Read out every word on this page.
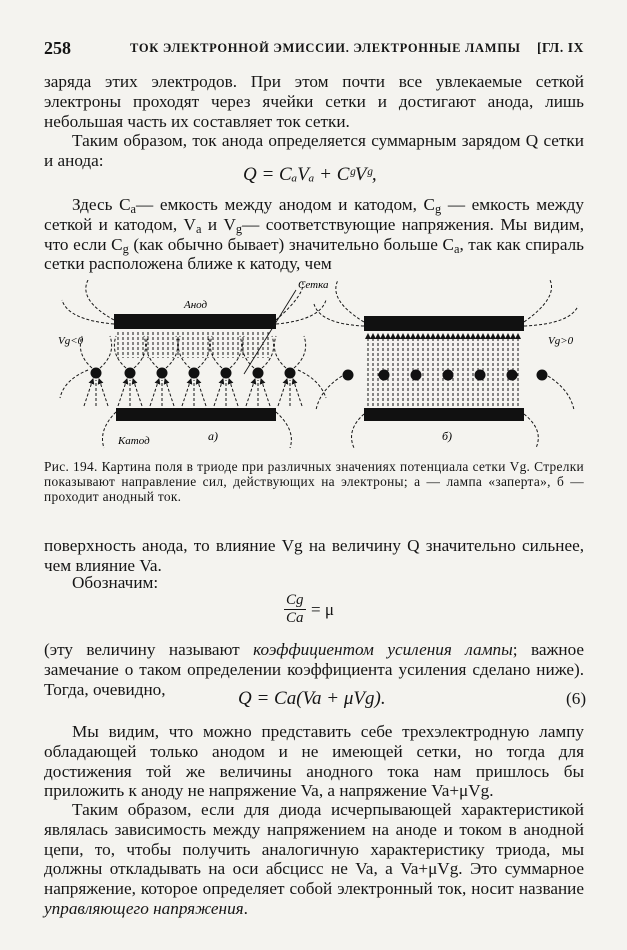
258	ТОК ЭЛЕКТРОННОЙ ЭМИССИИ. ЭЛЕКТРОННЫЕ ЛАМПЫ [ГЛ. IX

заряда этих электродов. При этом почти все увлекаемые сеткой электроны проходят через ячейки сетки и достигают анода, лишь небольшая часть их составляет ток сетки.

Таким образом, ток анода определяется суммарным зарядом Q сетки и анода:

Q = CₐVₐ + CᵍVᵍ,

Здесь $C_a—$ емкость между анодом и катодом, $C_g$ — емкость между сеткой и катодом, $V_a$ и $V_g—$ соответствующие напряжения. Мы видим, что если $C_g$ (как обычно бывает) значительно больше $C_a$, так как спираль сетки расположена ближе к катоду, чем

Анод
Сетка
Катод
Vg<0	Vg>0
а)	б)

Рис. 194. Картина поля в триоде при различных значениях потенциала сетки Vg. Стрелки показывают направление сил, действующих на электроны; а — лампа «заперта», б — проходит анодный ток.

поверхность анода, то влияние Vg на величину Q значительно сильнее, чем влияние Va.

Обозначим:

Cg
Ca = μ

(эту величину называют коэффициентом усиления лампы; важное замечание о таком определении коэффициента усиления сделано ниже). Тогда, очевидно,	Q = Ca(Va + μVg).	(6)

Мы видим, что можно представить себе трехэлектродную лампу обладающей только анодом и не имеющей сетки, но тогда для достижения той же величины анодного тока нам пришлось бы приложить к аноду не напряжение Va, а напряжение Va+μVg.

Таким образом, если для диода исчерпывающей характеристикой являлась зависимость между напряжением на аноде и током в анодной цепи, то, чтобы получить аналогичную характеристику триода, мы должны откладывать на оси абсцисс не Va, а Va+μVg. Это суммарное напряжение, которое определяет собой электронный ток, носит название управляющего напряжения.
